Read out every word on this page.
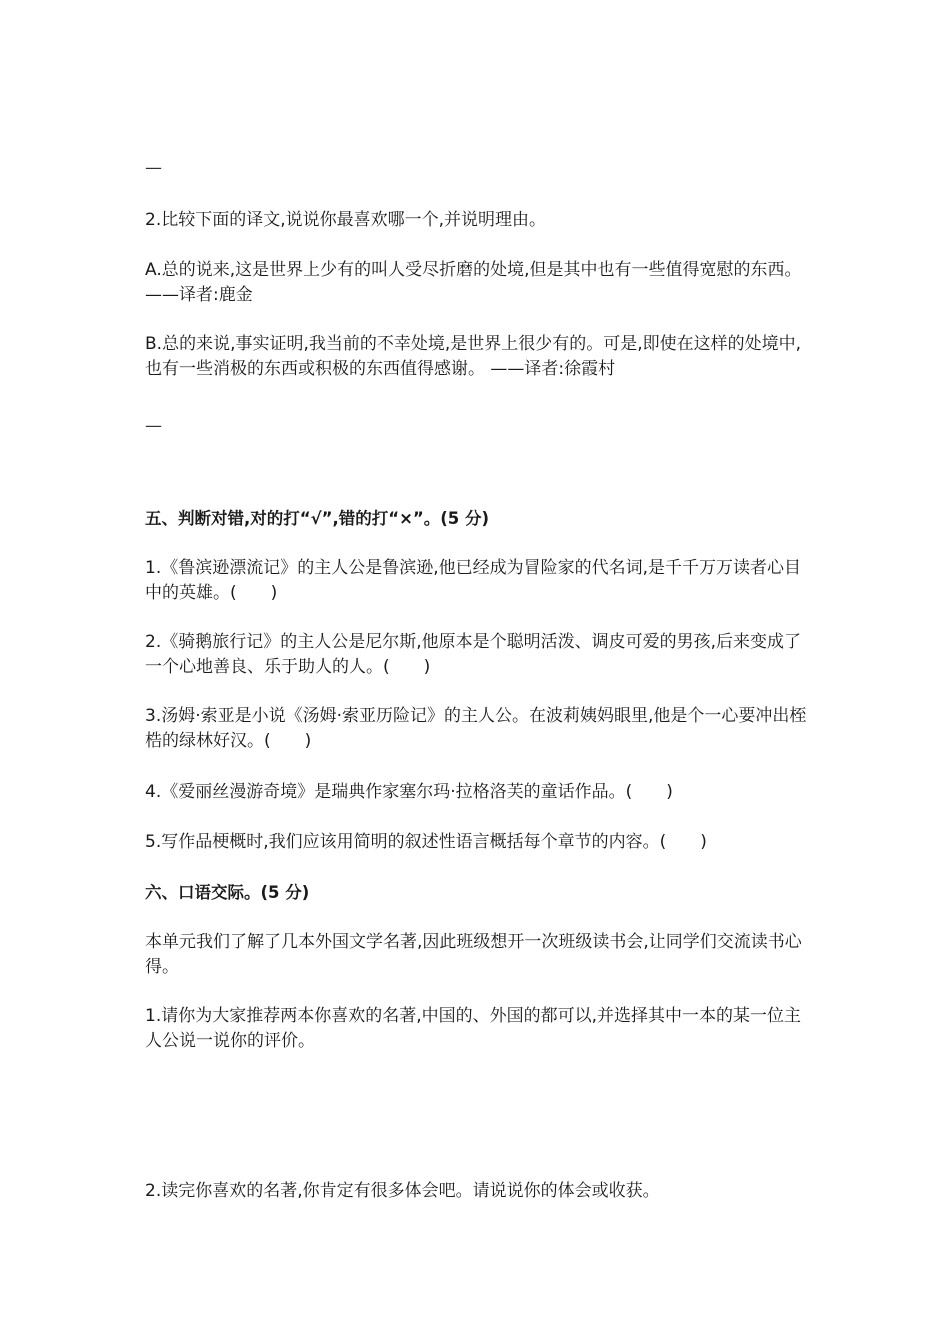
—
2.比较下面的译文,说说你最喜欢哪一个,并说明理由。
A.总的说来,这是世界上少有的叫人受尽折磨的处境,但是其中也有一些值得宽慰的东西。 ——译者:鹿金
B.总的来说,事实证明,我当前的不幸处境,是世界上很少有的。可是,即使在这样的处境中,也有一些消极的东西或积极的东西值得感谢。 ——译者:徐霞村
—
五、判断对错,对的打“√”,错的打“×”。(5 分)
1.《鲁滨逊漂流记》的主人公是鲁滨逊,他已经成为冒险家的代名词,是千千万万读者心目中的英雄。(　　)
2.《骑鹅旅行记》的主人公是尼尔斯,他原本是个聪明活泼、调皮可爱的男孩,后来变成了一个心地善良、乐于助人的人。(　　)
3.汤姆·索亚是小说《汤姆·索亚历险记》的主人公。在波莉姨妈眼里,他是个一心要冲出桎梏的绿林好汉。(　　)
4.《爱丽丝漫游奇境》是瑞典作家塞尔玛·拉格洛芙的童话作品。(　　)
5.写作品梗概时,我们应该用简明的叙述性语言概括每个章节的内容。(　　)
六、口语交际。(5 分)
本单元我们了解了几本外国文学名著,因此班级想开一次班级读书会,让同学们交流读书心得。
1.请你为大家推荐两本你喜欢的名著,中国的、外国的都可以,并选择其中一本的某一位主人公说一说你的评价。
2.读完你喜欢的名著,你肯定有很多体会吧。请说说你的体会或收获。
